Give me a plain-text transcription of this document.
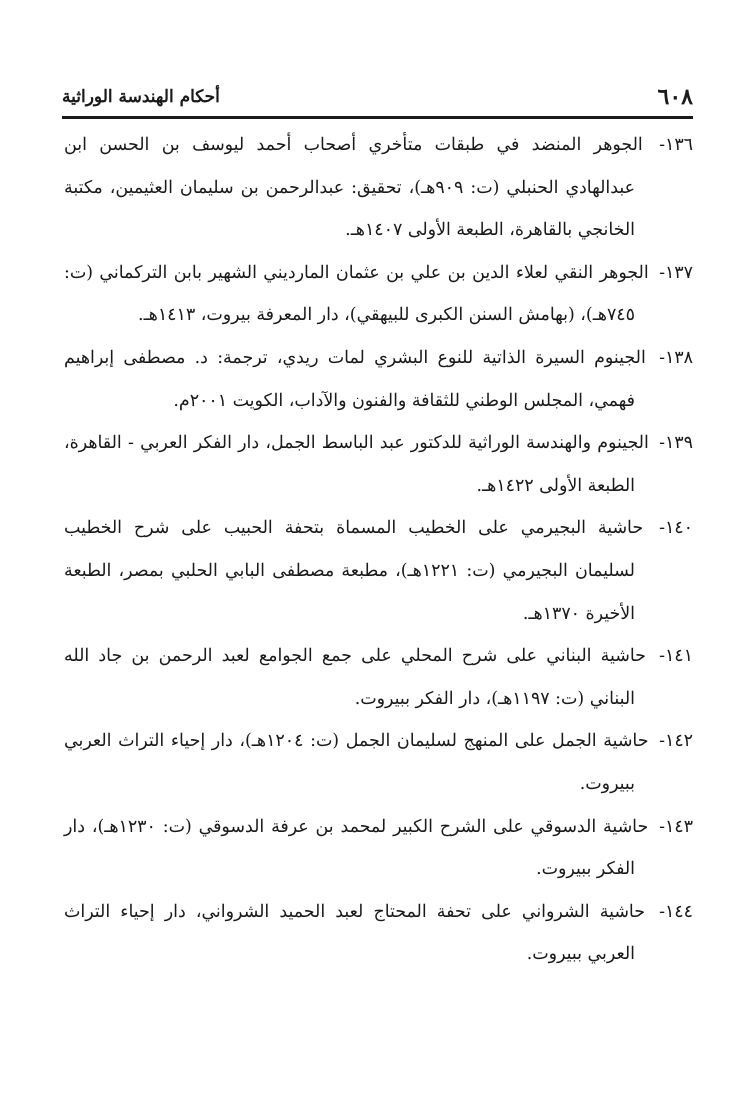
٦٠٨
أحكام الهندسة الوراثية

١٣٦- الجوهر المنضد في طبقات متأخري أصحاب أحمد ليوسف بن الحسن ابن عبدالهادي الحنبلي (ت: ٩٠٩هـ)، تحقيق: عبدالرحمن بن سليمان العثيمين، مكتبة الخانجي بالقاهرة، الطبعة الأولى ١٤٠٧هـ.

١٣٧- الجوهر النقي لعلاء الدين بن علي بن عثمان المارديني الشهير بابن التركماني (ت: ٧٤٥هـ)، (بهامش السنن الكبرى للبيهقي)، دار المعرفة بيروت، ١٤١٣هـ.

١٣٨- الجينوم السيرة الذاتية للنوع البشري لمات ريدي، ترجمة: د. مصطفى إبراهيم فهمي، المجلس الوطني للثقافة والفنون والآداب، الكويت ٢٠٠١م.

١٣٩- الجينوم والهندسة الوراثية للدكتور عبد الباسط الجمل، دار الفكر العربي - القاهرة، الطبعة الأولى ١٤٢٢هـ.

١٤٠- حاشية البجيرمي على الخطيب المسماة بتحفة الحبيب على شرح الخطيب لسليمان البجيرمي (ت: ١٢٢١هـ)، مطبعة مصطفى البابي الحلبي بمصر، الطبعة الأخيرة ١٣٧٠هـ.

١٤١- حاشية البناني على شرح المحلي على جمع الجوامع لعبد الرحمن بن جاد الله البناني (ت: ١١٩٧هـ)، دار الفكر ببيروت.

١٤٢- حاشية الجمل على المنهج لسليمان الجمل (ت: ١٢٠٤هـ)، دار إحياء التراث العربي ببيروت.

١٤٣- حاشية الدسوقي على الشرح الكبير لمحمد بن عرفة الدسوقي (ت: ١٢٣٠هـ)، دار الفكر ببيروت.

١٤٤- حاشية الشرواني على تحفة المحتاج لعبد الحميد الشرواني، دار إحياء التراث العربي ببيروت.
